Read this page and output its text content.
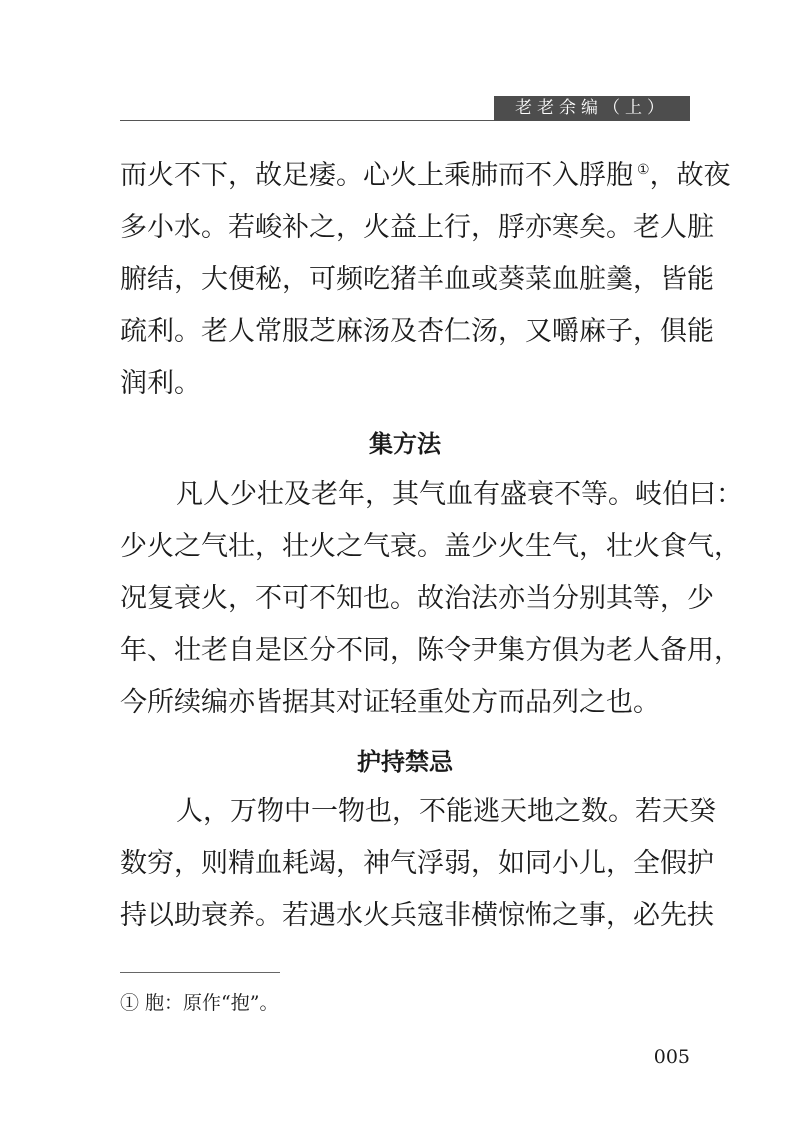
老老余编（上）
而火不下，故足痿。心火上乘肺而不入脬胞 ①，故夜
多小水。若峻补之，火益上行，脬亦寒矣。老人脏
腑结，大便秘，可频吃猪羊血或葵菜血脏羹，皆能
疏利。老人常服芝麻汤及杏仁汤，又嚼麻子，俱能
润利。
集方法
凡人少壮及老年，其气血有盛衰不等。岐伯曰：
少火之气壮，壮火之气衰。盖少火生气，壮火食气，
况复衰火，不可不知也。故治法亦当分别其等，少
年、壮老自是区分不同，陈令尹集方俱为老人备用，
今所续编亦皆据其对证轻重处方而品列之也。
护持禁忌
人，万物中一物也，不能逃天地之数。若天癸
数穷，则精血耗竭，神气浮弱，如同小儿，全假护
持以助衰养。若遇水火兵寇非横惊怖之事，必先扶
① 胞：原作“抱”。
005
